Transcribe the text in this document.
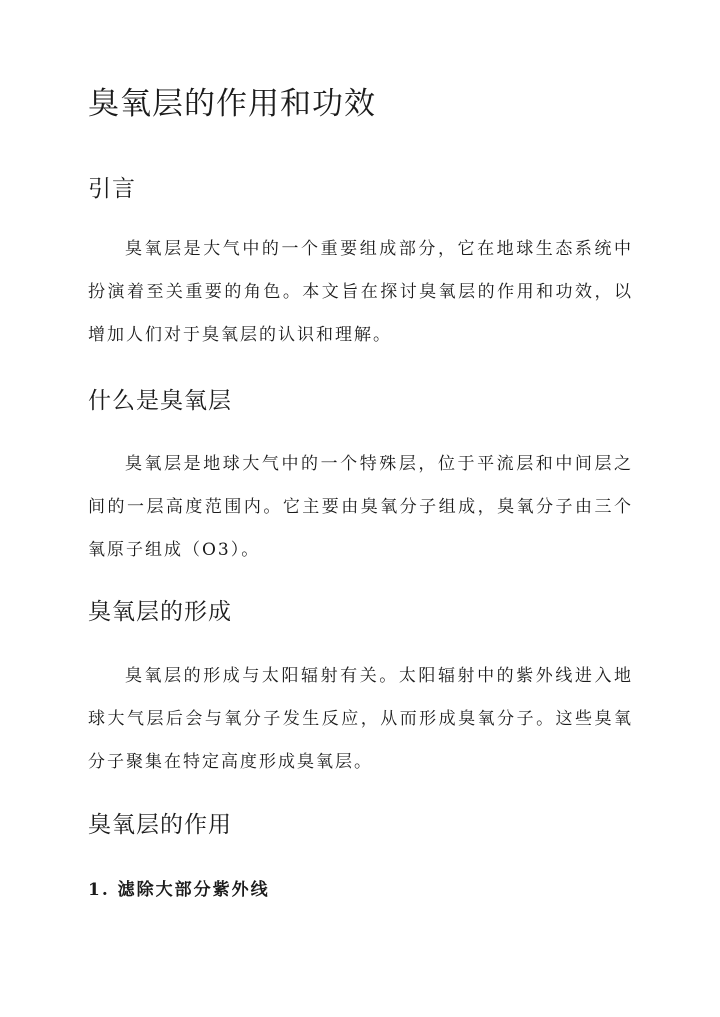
臭氧层的作用和功效
引言

臭氧层是大气中的一个重要组成部分，它在地球生态系统中扮演着至关重要的角色。本文旨在探讨臭氧层的作用和功效，以增加人们对于臭氧层的认识和理解。

什么是臭氧层

臭氧层是地球大气中的一个特殊层，位于平流层和中间层之间的一层高度范围内。它主要由臭氧分子组成，臭氧分子由三个氧原子组成（O3）。

臭氧层的形成

臭氧层的形成与太阳辐射有关。太阳辐射中的紫外线进入地球大气层后会与氧分子发生反应，从而形成臭氧分子。这些臭氧分子聚集在特定高度形成臭氧层。

臭氧层的作用
1. 滤除大部分紫外线
